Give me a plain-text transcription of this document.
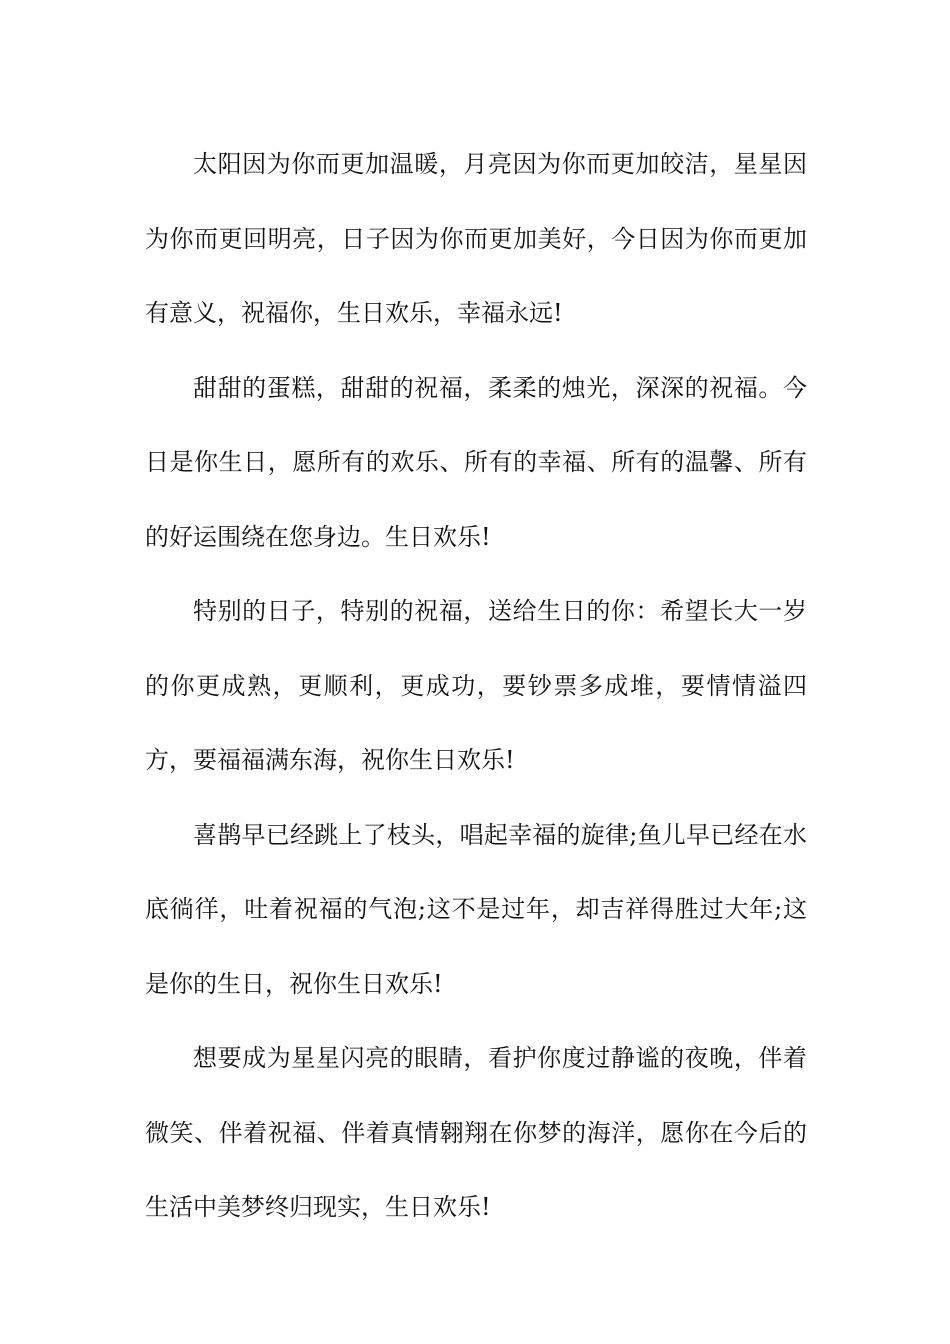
太阳因为你而更加温暖，月亮因为你而更加皎洁，星星因为你而更回明亮，日子因为你而更加美好，今日因为你而更加有意义，祝福你，生日欢乐，幸福永远!

甜甜的蛋糕，甜甜的祝福，柔柔的烛光，深深的祝福。今日是你生日，愿所有的欢乐、所有的幸福、所有的温馨、所有的好运围绕在您身边。生日欢乐!

特别的日子，特别的祝福，送给生日的你：希望长大一岁的你更成熟，更顺利，更成功，要钞票多成堆，要情情溢四方，要福福满东海，祝你生日欢乐!

喜鹊早已经跳上了枝头，唱起幸福的旋律;鱼儿早已经在水底徜徉，吐着祝福的气泡;这不是过年，却吉祥得胜过大年;这是你的生日，祝你生日欢乐!

想要成为星星闪亮的眼睛，看护你度过静谧的夜晚，伴着微笑、伴着祝福、伴着真情翱翔在你梦的海洋，愿你在今后的生活中美梦终归现实，生日欢乐!
